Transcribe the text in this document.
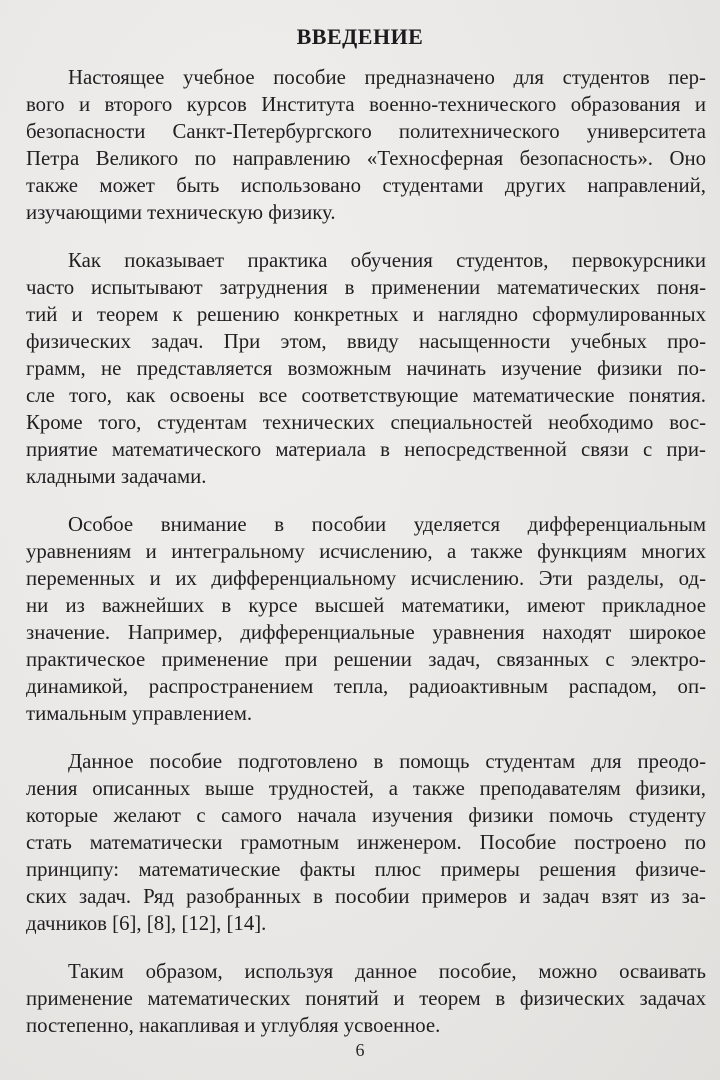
ВВЕДЕНИЕ
Настоящее учебное пособие предназначено для студентов пер-
вого и второго курсов Института военно-технического образования и
безопасности Санкт-Петербургского политехнического университета
Петра Великого по направлению «Техносферная безопасность». Оно
также может быть использовано студентами других направлений,
изучающими техническую физику.
Как показывает практика обучения студентов, первокурсники
часто испытывают затруднения в применении математических поня-
тий и теорем к решению конкретных и наглядно сформулированных
физических задач. При этом, ввиду насыщенности учебных про-
грамм, не представляется возможным начинать изучение физики по-
сле того, как освоены все соответствующие математические понятия.
Кроме того, студентам технических специальностей необходимо вос-
приятие математического материала в непосредственной связи с при-
кладными задачами.
Особое внимание в пособии уделяется дифференциальным
уравнениям и интегральному исчислению, а также функциям многих
переменных и их дифференциальному исчислению. Эти разделы, од-
ни из важнейших в курсе высшей математики, имеют прикладное
значение. Например, дифференциальные уравнения находят широкое
практическое применение при решении задач, связанных с электро-
динамикой, распространением тепла, радиоактивным распадом, оп-
тимальным управлением.
Данное пособие подготовлено в помощь студентам для преодо-
ления описанных выше трудностей, а также преподавателям физики,
которые желают с самого начала изучения физики помочь студенту
стать математически грамотным инженером. Пособие построено по
принципу: математические факты плюс примеры решения физиче-
ских задач. Ряд разобранных в пособии примеров и задач взят из за-
дачников [6], [8], [12], [14].
Таким образом, используя данное пособие, можно осваивать
применение математических понятий и теорем в физических задачах
постепенно, накапливая и углубляя усвоенное.
6
